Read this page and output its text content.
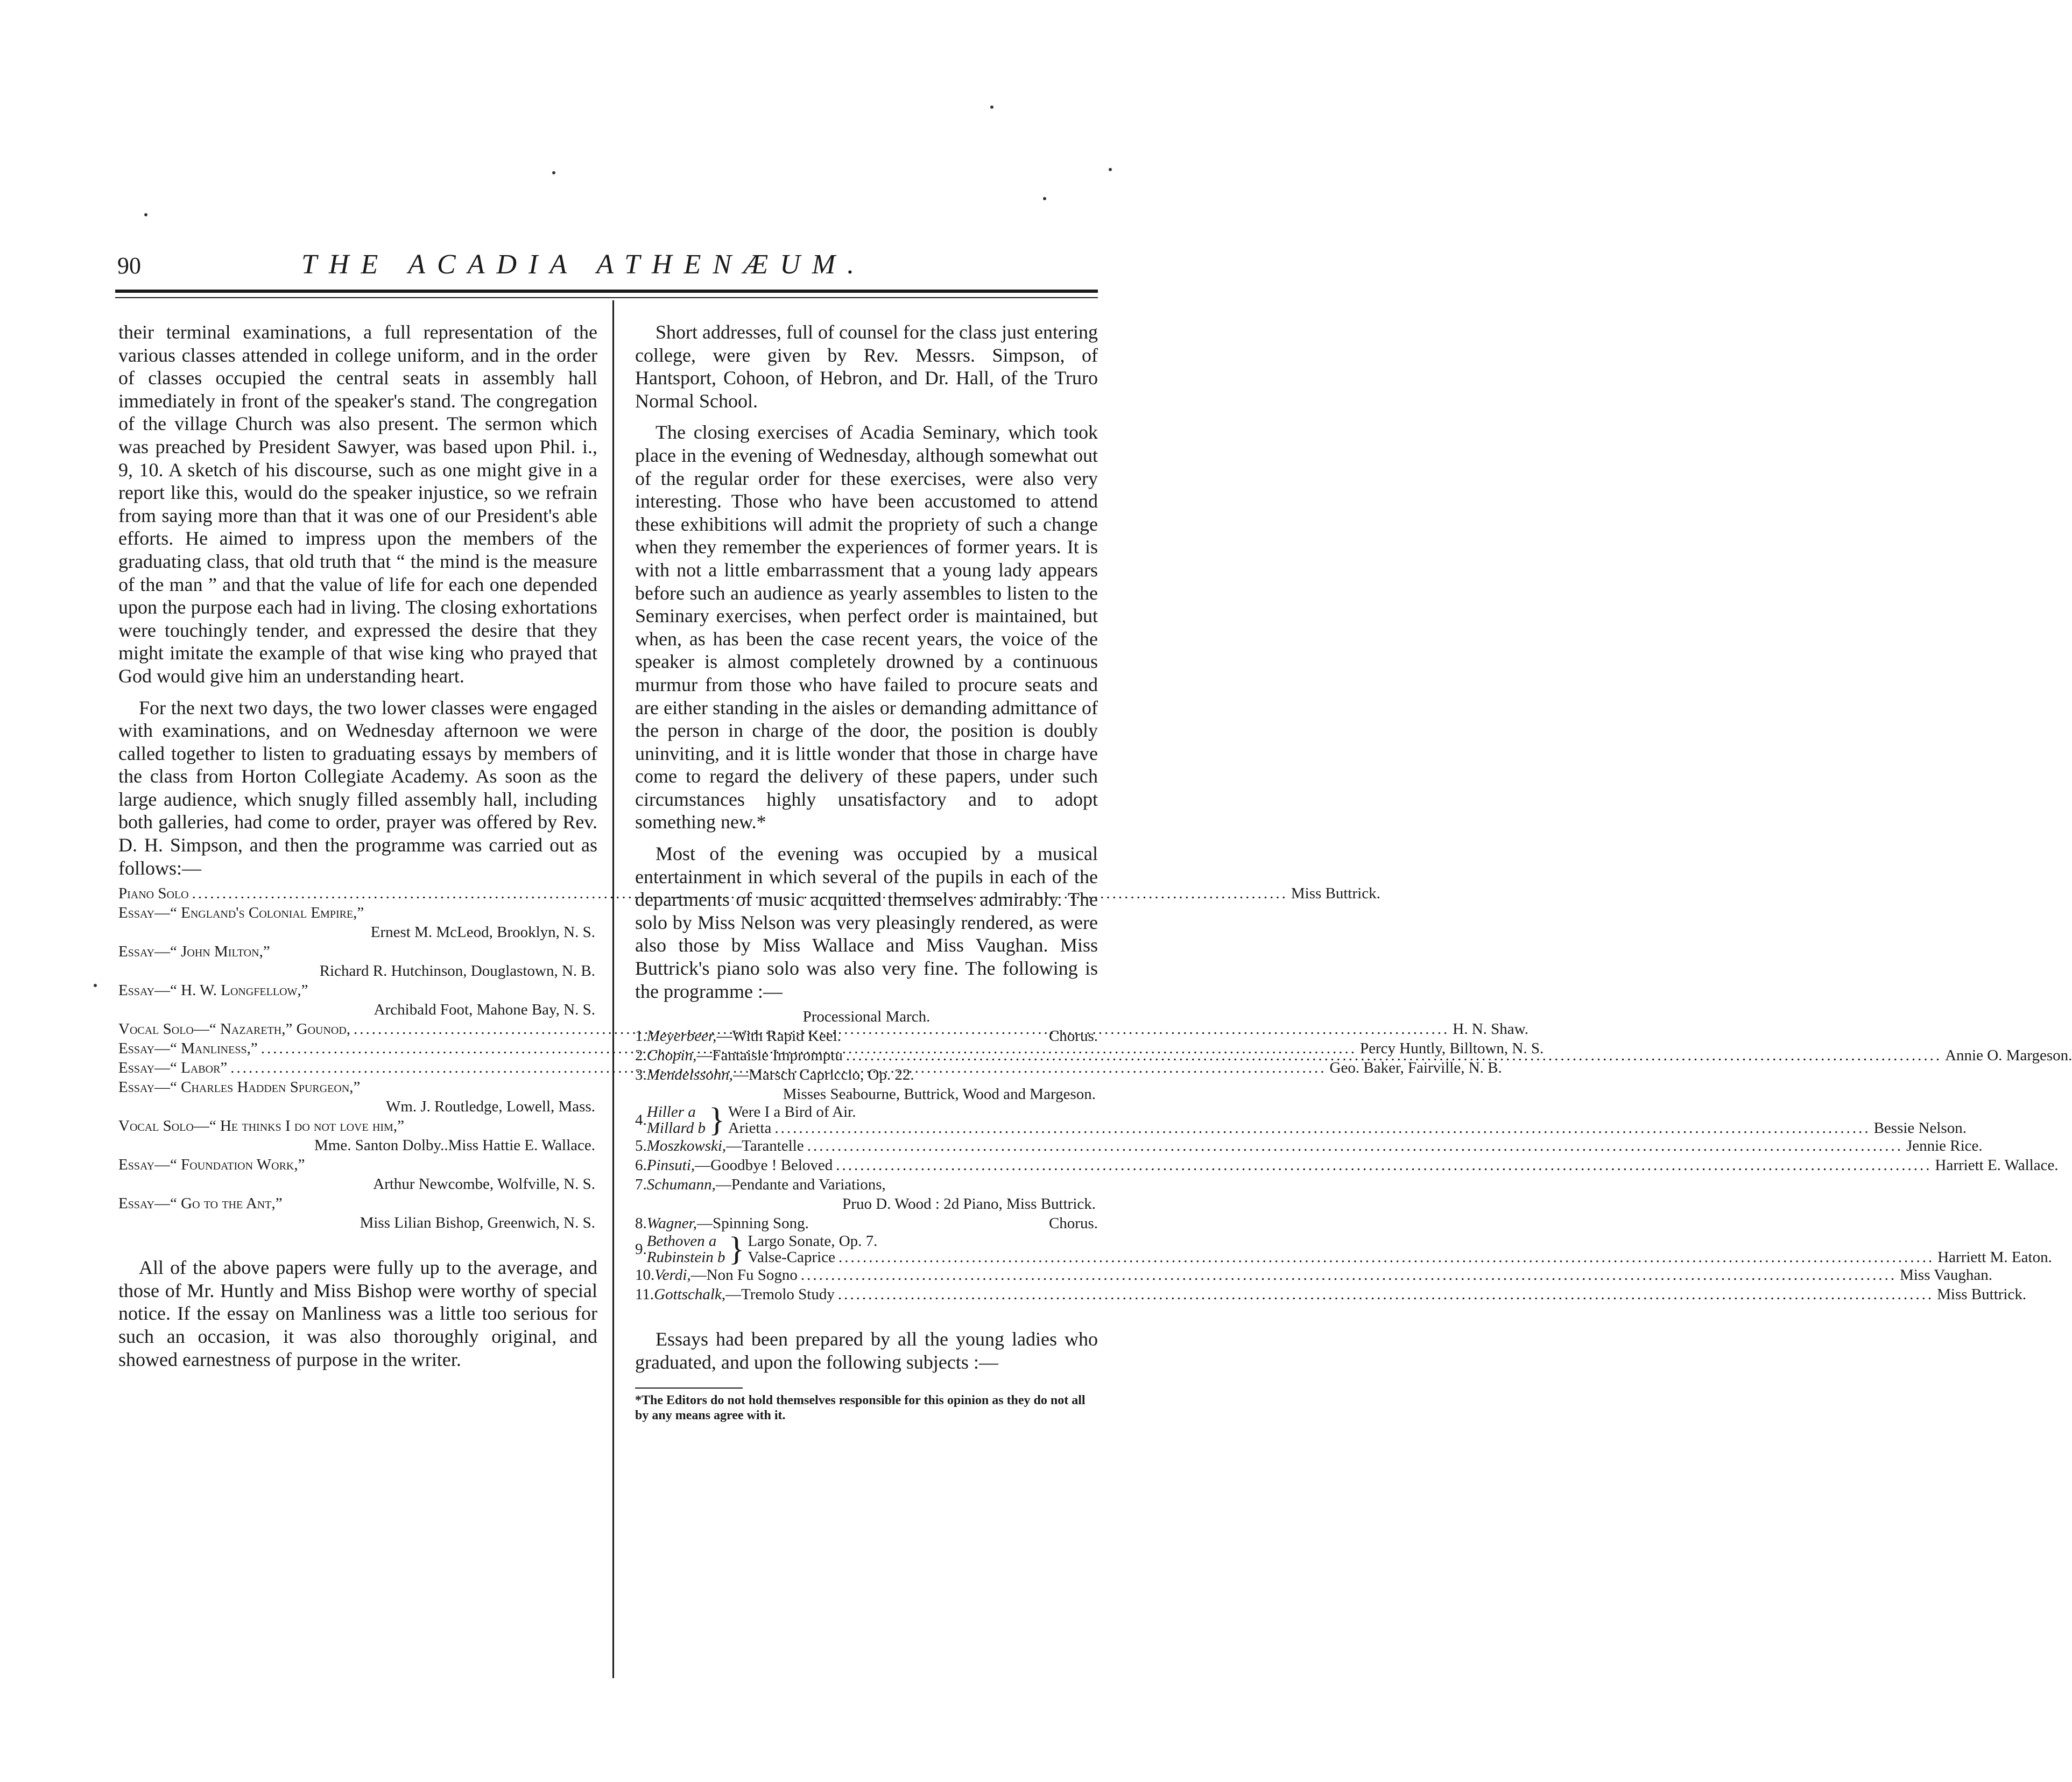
90	THE ACADIA ATHENÆUM.

their terminal examinations, a full representation of the various classes attended in college uniform, and in the order of classes occupied the central seats in assembly hall immediately in front of the speaker's stand. The congregation of the village Church was also present. The sermon which was preached by President Sawyer, was based upon Phil. i., 9, 10. A sketch of his discourse, such as one might give in a report like this, would do the speaker injustice, so we refrain from saying more than that it was one of our President's able efforts. He aimed to impress upon the members of the graduating class, that old truth that “ the mind is the measure of the man ” and that the value of life for each one depended upon the purpose each had in living. The closing exhortations were touchingly tender, and expressed the desire that they might imitate the example of that wise king who prayed that God would give him an understanding heart.

For the next two days, the two lower classes were engaged with examinations, and on Wednesday afternoon we were called together to listen to graduating essays by members of the class from Horton Collegiate Academy. As soon as the large audience, which snugly filled assembly hall, including both galleries, had come to order, prayer was offered by Rev. D. H. Simpson, and then the programme was carried out as follows:—

Piano Solo .....	Miss Buttrick.
Essay—“ England's Colonial Empire,”
Ernest M. McLeod, Brooklyn, N. S.
Essay—“ John Milton,”
Richard R. Hutchinson, Douglastown, N. B.
Essay—“ H. W. Longfellow,”
Archibald Foot, Mahone Bay, N. S.
Vocal Solo—“ Nazareth,” Gounod, .....	H. N. Shaw.
Essay—“ Manliness,” .....	Percy Huntly, Billtown, N. S.
Essay—“ Labor” .....	Geo. Baker, Fairville, N. B.
Essay—“ Charles Hadden Spurgeon,”
Wm. J. Routledge, Lowell, Mass.
Vocal Solo—“ He thinks I do not love him,”
Mme. Santon Dolby..Miss Hattie E. Wallace.
Essay—“ Foundation Work,”
Arthur Newcombe, Wolfville, N. S.
Essay—“ Go to the Ant,”
Miss Lilian Bishop, Greenwich, N. S.

All of the above papers were fully up to the average, and those of Mr. Huntly and Miss Bishop were worthy of special notice. If the essay on Manliness was a little too serious for such an occasion, it was also thoroughly original, and showed earnestness of purpose in the writer.

Short addresses, full of counsel for the class just entering college, were given by Rev. Messrs. Simpson, of Hantsport, Cohoon, of Hebron, and Dr. Hall, of the Truro Normal School.

The closing exercises of Acadia Seminary, which took place in the evening of Wednesday, although somewhat out of the regular order for these exercises, were also very interesting. Those who have been accustomed to attend these exhibitions will admit the propriety of such a change when they remember the experiences of former years. It is with not a little embarrassment that a young lady appears before such an audience as yearly assembles to listen to the Seminary exercises, when perfect order is maintained, but when, as has been the case recent years, the voice of the speaker is almost completely drowned by a continuous murmur from those who have failed to procure seats and are either standing in the aisles or demanding admittance of the person in charge of the door, the position is doubly uninviting, and it is little wonder that those in charge have come to regard the delivery of these papers, under such circumstances highly unsatisfactory and to adopt something new.*

Most of the evening was occupied by a musical entertainment in which several of the pupils in each of the departments of music acquitted themselves admirably. The solo by Miss Nelson was very pleasingly rendered, as were also those by Miss Wallace and Miss Vaughan. Miss Buttrick's piano solo was also very fine. The following is the programme :—

Processional March.
1.Meyerbeer,—With Rapid Keel.	Chorus.
2.Chopin,—Fantaisie Impromptu .....	Annie O. Margeson.
3.Mendelssohn,—Marsch Capriccio, Op. 22.
Misses Seabourne, Buttrick, Wood and Margeson.
4. Hiller a
Millard b } Were I a Bird of Air.
Arietta .....	Bessie Nelson.
5.Moszkowski,—Tarantelle .....	Jennie Rice.
6.Pinsuti,—Goodbye ! Beloved .....	Harriett E. Wallace.
7.Schumann,—Pendante and Variations,
Pruo D. Wood : 2d Piano, Miss Buttrick.
8.Wagner,—Spinning Song.	Chorus.
9. Bethoven a
Rubinstein b } Largo Sonate, Op. 7.
Valse-Caprice .....	Harriett M. Eaton.
10.Verdi,—Non Fu Sogno .....	Miss Vaughan.
11.Gottschalk,—Tremolo Study .....	Miss Buttrick.

Essays had been prepared by all the young ladies who graduated, and upon the following subjects :—

*The Editors do not hold themselves responsible for this opinion as they do not all by any means agree with it.
